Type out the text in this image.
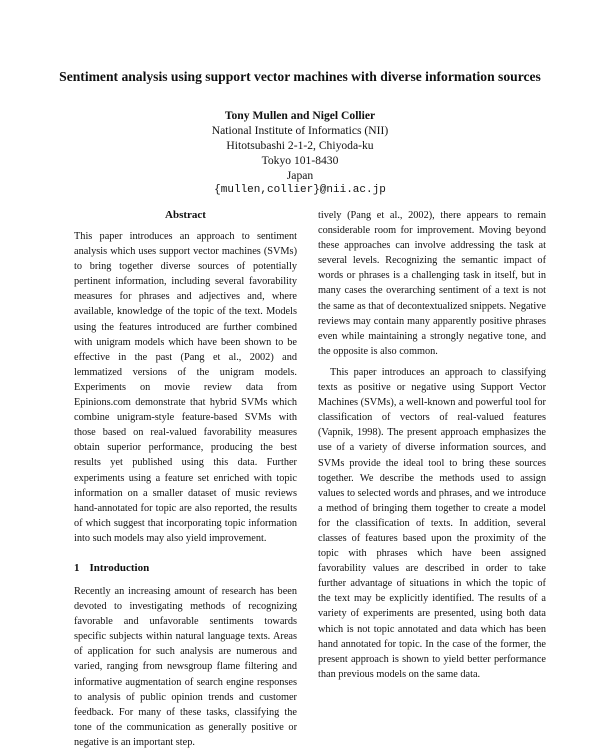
Sentiment analysis using support vector machines with diverse information sources
Tony Mullen and Nigel Collier
National Institute of Informatics (NII)
Hitotsubashi 2-1-2, Chiyoda-ku
Tokyo 101-8430
Japan
{mullen,collier}@nii.ac.jp
Abstract

This paper introduces an approach to sentiment analysis which uses support vector machines (SVMs) to bring together diverse sources of potentially pertinent information, including several favorability measures for phrases and adjectives and, where available, knowledge of the topic of the text. Models using the features introduced are further combined with unigram models which have been shown to be effective in the past (Pang et al., 2002) and lemmatized versions of the unigram models. Experiments on movie review data from Epinions.com demonstrate that hybrid SVMs which combine unigram-style feature-based SVMs with those based on real-valued favorability measures obtain superior performance, producing the best results yet published using this data. Further experiments using a feature set enriched with topic information on a smaller dataset of music reviews hand-annotated for topic are also reported, the results of which suggest that incorporating topic information into such models may also yield improvement.

1 Introduction

Recently an increasing amount of research has been devoted to investigating methods of recognizing favorable and unfavorable sentiments towards specific subjects within natural language texts. Areas of application for such analysis are numerous and varied, ranging from newsgroup flame filtering and informative augmentation of search engine responses to analysis of public opinion trends and customer feedback. For many of these tasks, classifying the tone of the communication as generally positive or negative is an important step.

tively (Pang et al., 2002), there appears to remain considerable room for improvement. Moving beyond these approaches can involve addressing the task at several levels. Recognizing the semantic impact of words or phrases is a challenging task in itself, but in many cases the overarching sentiment of a text is not the same as that of decontextualized snippets. Negative reviews may contain many apparently positive phrases even while maintaining a strongly negative tone, and the opposite is also common.

This paper introduces an approach to classifying texts as positive or negative using Support Vector Machines (SVMs), a well-known and powerful tool for classification of vectors of real-valued features (Vapnik, 1998). The present approach emphasizes the use of a variety of diverse information sources, and SVMs provide the ideal tool to bring these sources together. We describe the methods used to assign values to selected words and phrases, and we introduce a method of bringing them together to create a model for the classification of texts. In addition, several classes of features based upon the proximity of the topic with phrases which have been assigned favorability values are described in order to take further advantage of situations in which the topic of the text may be explicitly identified. The results of a variety of experiments are presented, using both data which is not topic annotated and data which has been hand annotated for topic. In the case of the former, the present approach is shown to yield better performance than previous models on the same data.
